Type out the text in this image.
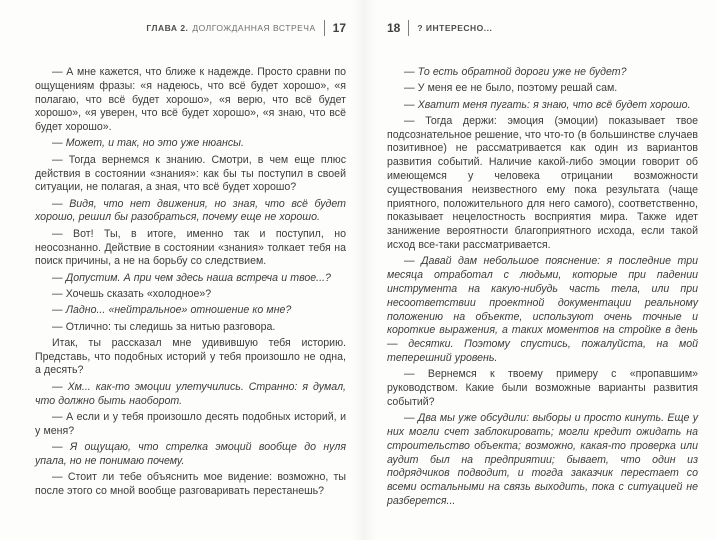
ГЛАВА 2. ДОЛГОЖДАННАЯ ВСТРЕЧА 17

— А мне кажется, что ближе к надежде. Просто сравни по ощущениям фразы: «я надеюсь, что всё будет хорошо», «я полагаю, что всё будет хорошо», «я верю, что всё будет хорошо», «я уверен, что всё будет хорошо», «я знаю, что всё будет хорошо».

— Может, и так, но это уже нюансы.

— Тогда вернемся к знанию. Смотри, в чем еще плюс действия в состоянии «знания»: как бы ты поступил в своей ситуации, не полагая, а зная, что всё будет хорошо?

— Видя, что нет движения, но зная, что всё будет хорошо, решил бы разобраться, почему еще не хорошо.

— Вот! Ты, в итоге, именно так и поступил, но неосознанно. Действие в состоянии «знания» толкает тебя на поиск причины, а не на борьбу со следствием.

— Допустим. А при чем здесь наша встреча и твое...?

— Хочешь сказать «холодное»?

— Ладно... «нейтральное» отношение ко мне?

— Отлично: ты следишь за нитью разговора.

Итак, ты рассказал мне удивившую тебя историю. Представь, что подобных историй у тебя произошло не одна, а десять?

— Хм... как-то эмоции улетучились. Странно: я думал, что должно быть наоборот.

— А если и у тебя произошло десять подобных историй, и у меня?

— Я ощущаю, что стрелка эмоций вообще до нуля упала, но не понимаю почему.

— Стоит ли тебе объяснить мое видение: возможно, ты после этого со мной вообще разговаривать перестанешь?

18 ? ИНТЕРЕСНО...

— То есть обратной дороги уже не будет?

— У меня ее не было, поэтому решай сам.

— Хватит меня пугать: я знаю, что всё будет хорошо.

— Тогда держи: эмоция (эмоции) показывает твое подсознательное решение, что что-то (в большинстве случаев позитивное) не рассматривается как один из вариантов развития событий. Наличие какой-либо эмоции говорит об имеющемся у человека отрицании возможности существования неизвестного ему пока результата (чаще приятного, положительного для него самого), соответственно, показывает нецелостность восприятия мира. Также идет занижение вероятности благоприятного исхода, если такой исход все-таки рассматривается.

— Давай дам небольшое пояснение: я последние три месяца отработал с людьми, которые при падении инструмента на какую-нибудь часть тела, или при несоответствии проектной документации реальному положению на объекте, используют очень точные и короткие выражения, а таких моментов на стройке в день — десятки. Поэтому спустись, пожалуйста, на мой теперешний уровень.

— Вернемся к твоему примеру с «пропавшим» руководством. Какие были возможные варианты развития событий?

— Два мы уже обсудили: выборы и просто кинуть. Еще у них могли счет заблокировать; могли кредит ожидать на строительство объекта; возможно, какая-то проверка или аудит был на предприятии; бывает, что один из подрядчиков подводит, и тогда заказчик перестает со всеми остальными на связь выходить, пока с ситуацией не разберется...
